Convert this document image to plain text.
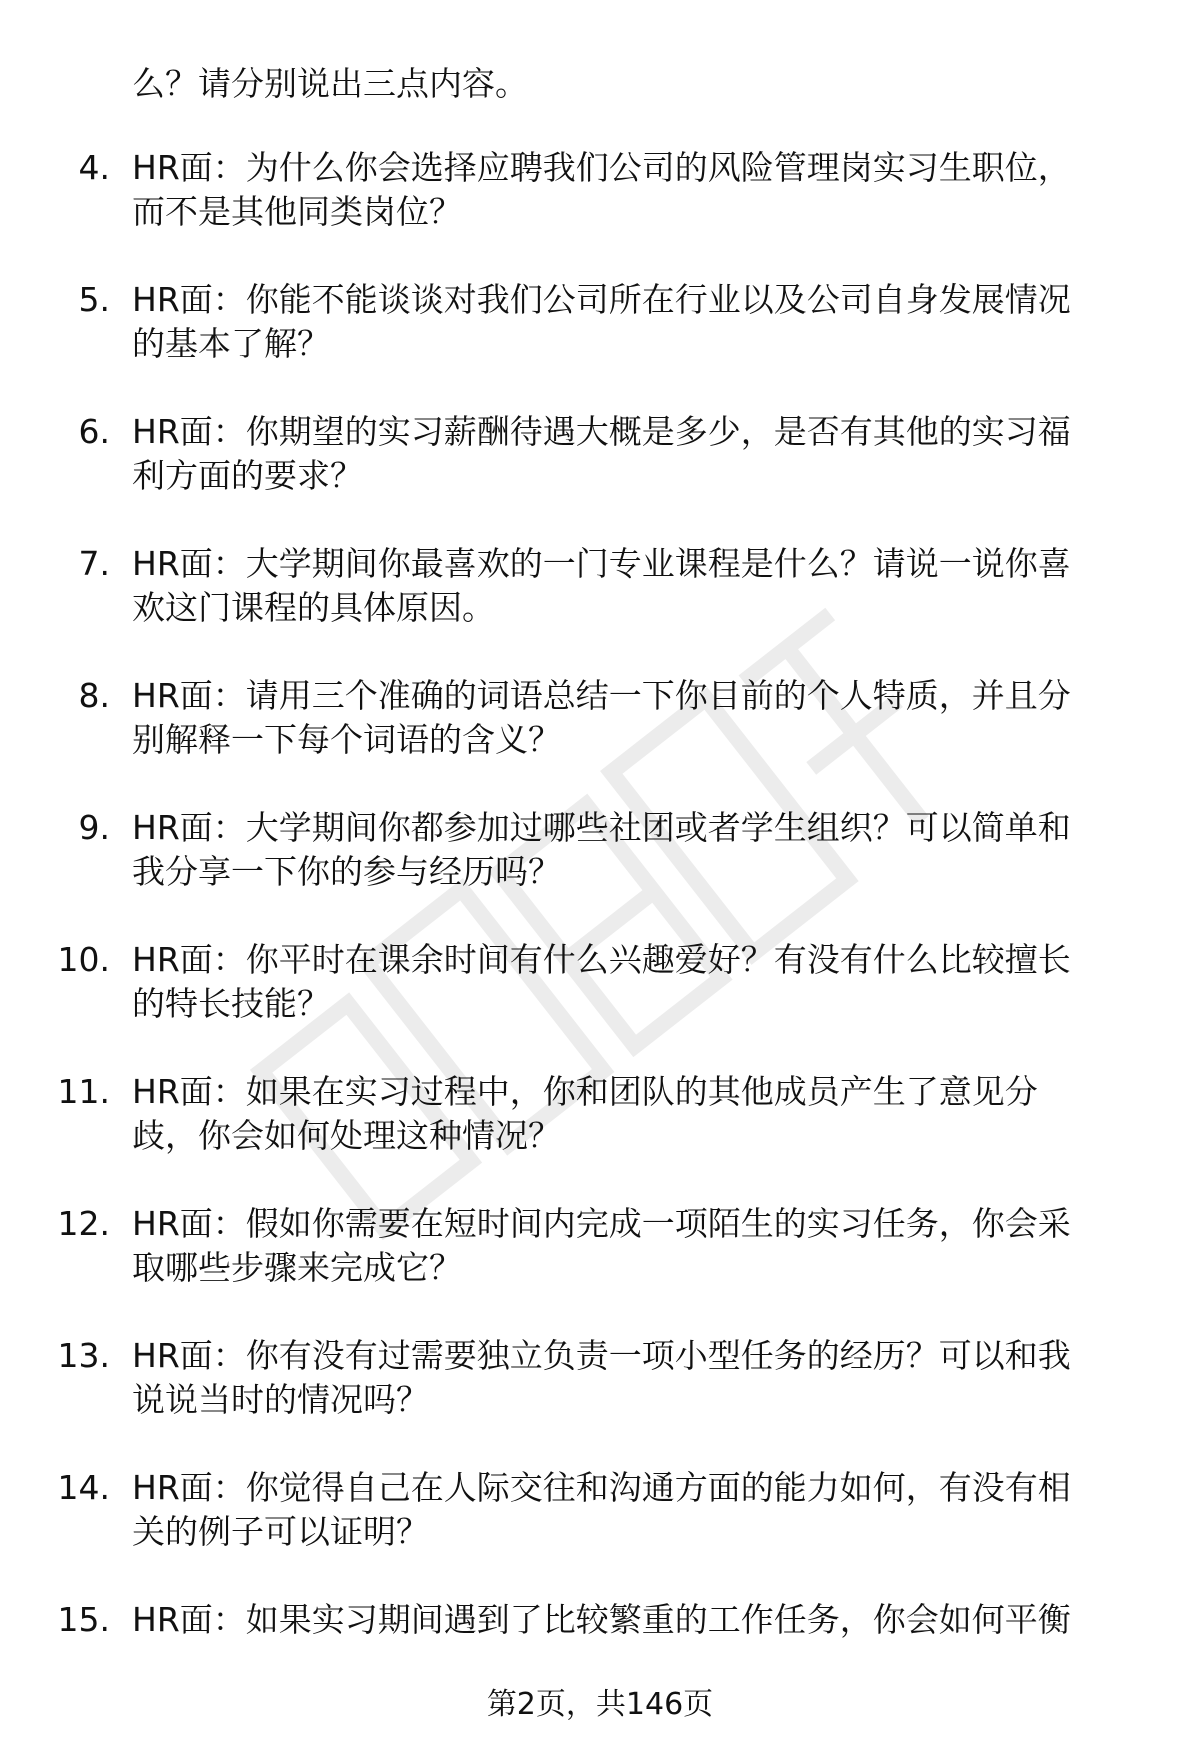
么？请分别说出三点内容。
4. HR面：为什么你会选择应聘我们公司的风险管理岗实习生职位，
而不是其他同类岗位？
5. HR面：你能不能谈谈对我们公司所在行业以及公司自身发展情况
的基本了解？
6. HR面：你期望的实习薪酬待遇大概是多少，是否有其他的实习福
利方面的要求？
7. HR面：大学期间你最喜欢的一门专业课程是什么？请说一说你喜
欢这门课程的具体原因。
8. HR面：请用三个准确的词语总结一下你目前的个人特质，并且分
别解释一下每个词语的含义？
9. HR面：大学期间你都参加过哪些社团或者学生组织？可以简单和
我分享一下你的参与经历吗？
10. HR面：你平时在课余时间有什么兴趣爱好？有没有什么比较擅长
的特长技能？
11. HR面：如果在实习过程中，你和团队的其他成员产生了意见分
歧，你会如何处理这种情况？
12. HR面：假如你需要在短时间内完成一项陌生的实习任务，你会采
取哪些步骤来完成它？
13. HR面：你有没有过需要独立负责一项小型任务的经历？可以和我
说说当时的情况吗？
14. HR面：你觉得自己在人际交往和沟通方面的能力如何，有没有相
关的例子可以证明？
15. HR面：如果实习期间遇到了比较繁重的工作任务，你会如何平衡
第2页，共146页
